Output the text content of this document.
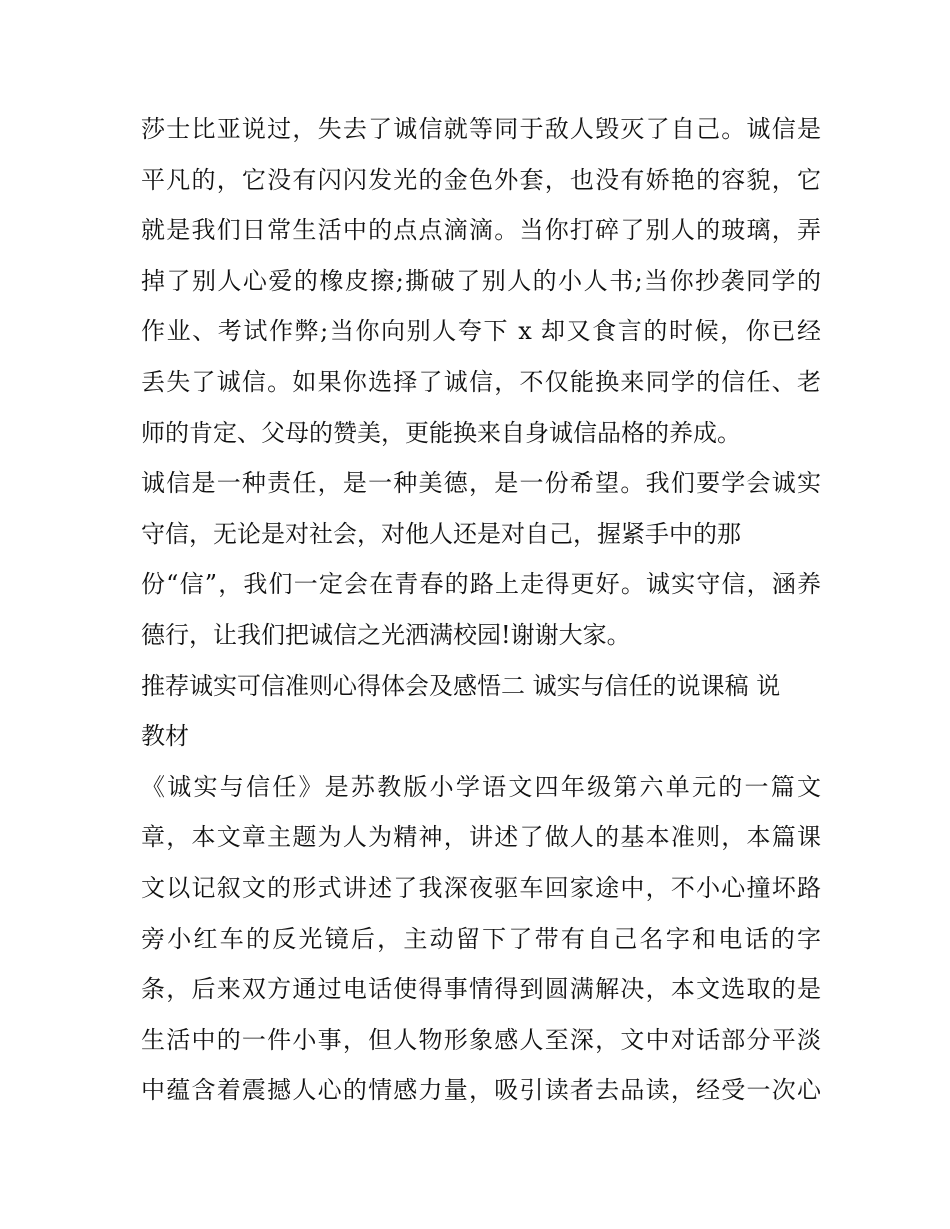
莎士比亚说过，失去了诚信就等同于敌人毁灭了自己。诚信是
平凡的，它没有闪闪发光的金色外套，也没有娇艳的容貌，它
就是我们日常生活中的点点滴滴。当你打碎了别人的玻璃，弄
掉了别人心爱的橡皮擦;撕破了别人的小人书;当你抄袭同学的
作业、考试作弊;当你向别人夸下 x 却又食言的时候，你已经
丢失了诚信。如果你选择了诚信，不仅能换来同学的信任、老
师的肯定、父母的赞美，更能换来自身诚信品格的养成。
诚信是一种责任，是一种美德，是一份希望。我们要学会诚实
守信，无论是对社会，对他人还是对自己，握紧手中的那
份“信”，我们一定会在青春的路上走得更好。诚实守信，涵养
德行，让我们把诚信之光洒满校园!谢谢大家。
推荐诚实可信准则心得体会及感悟二 诚实与信任的说课稿 说
教材
《诚实与信任》是苏教版小学语文四年级第六单元的一篇文
章，本文章主题为人为精神，讲述了做人的基本准则，本篇课
文以记叙文的形式讲述了我深夜驱车回家途中，不小心撞坏路
旁小红车的反光镜后，主动留下了带有自己名字和电话的字
条，后来双方通过电话使得事情得到圆满解决，本文选取的是
生活中的一件小事，但人物形象感人至深，文中对话部分平淡
中蕴含着震撼人心的情感力量，吸引读者去品读，经受一次心
